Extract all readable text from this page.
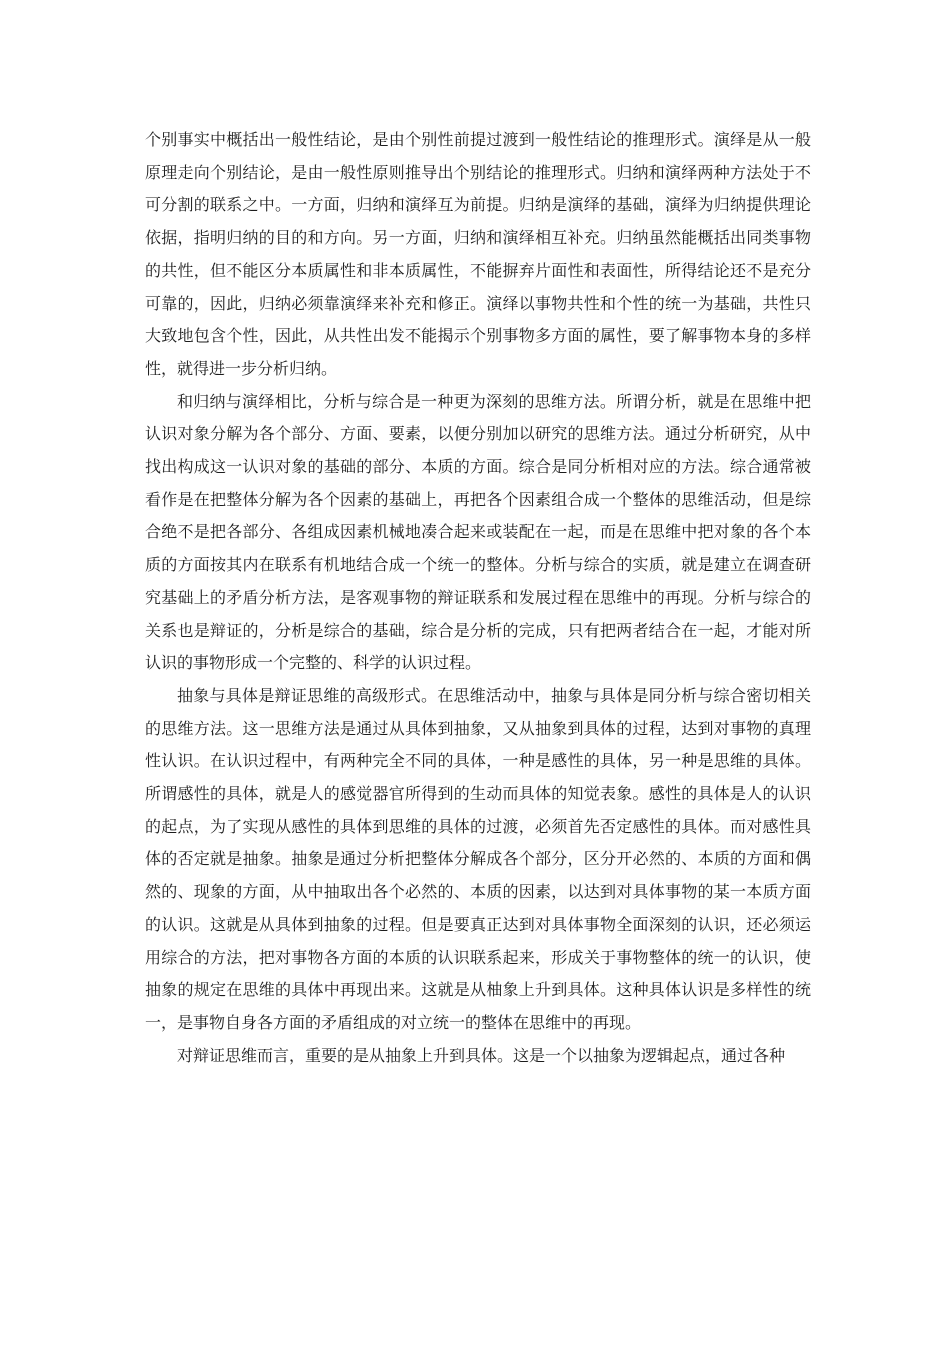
个别事实中概括出一般性结论，是由个别性前提过渡到一般性结论的推理形式。演绎是从一般原理走向个别结论，是由一般性原则推导出个别结论的推理形式。归纳和演绎两种方法处于不可分割的联系之中。一方面，归纳和演绎互为前提。归纳是演绎的基础，演绎为归纳提供理论依据，指明归纳的目的和方向。另一方面，归纳和演绎相互补充。归纳虽然能概括出同类事物的共性，但不能区分本质属性和非本质属性，不能摒弃片面性和表面性，所得结论还不是充分可靠的，因此，归纳必须靠演绎来补充和修正。演绎以事物共性和个性的统一为基础，共性只大致地包含个性，因此，从共性出发不能揭示个别事物多方面的属性，要了解事物本身的多样性，就得进一步分析归纳。

和归纳与演绎相比，分析与综合是一种更为深刻的思维方法。所谓分析，就是在思维中把认识对象分解为各个部分、方面、要素，以便分别加以研究的思维方法。通过分析研究，从中找出构成这一认识对象的基础的部分、本质的方面。综合是同分析相对应的方法。综合通常被看作是在把整体分解为各个因素的基础上，再把各个因素组合成一个整体的思维活动，但是综合绝不是把各部分、各组成因素机械地凑合起来或装配在一起，而是在思维中把对象的各个本质的方面按其内在联系有机地结合成一个统一的整体。分析与综合的实质，就是建立在调查研究基础上的矛盾分析方法，是客观事物的辩证联系和发展过程在思维中的再现。分析与综合的关系也是辩证的，分析是综合的基础，综合是分析的完成，只有把两者结合在一起，才能对所认识的事物形成一个完整的、科学的认识过程。

抽象与具体是辩证思维的高级形式。在思维活动中，抽象与具体是同分析与综合密切相关的思维方法。这一思维方法是通过从具体到抽象，又从抽象到具体的过程，达到对事物的真理性认识。在认识过程中，有两种完全不同的具体，一种是感性的具体，另一种是思维的具体。所谓感性的具体，就是人的感觉器官所得到的生动而具体的知觉表象。感性的具体是人的认识的起点，为了实现从感性的具体到思维的具体的过渡，必须首先否定感性的具体。而对感性具体的否定就是抽象。抽象是通过分析把整体分解成各个部分，区分开必然的、本质的方面和偶然的、现象的方面，从中抽取出各个必然的、本质的因素，以达到对具体事物的某一本质方面的认识。这就是从具体到抽象的过程。但是要真正达到对具体事物全面深刻的认识，还必须运用综合的方法，把对事物各方面的本质的认识联系起来，形成关于事物整体的统一的认识，使抽象的规定在思维的具体中再现出来。这就是从柚象上升到具体。这种具体认识是多样性的统一，是事物自身各方面的矛盾组成的对立统一的整体在思维中的再现。

对辩证思维而言，重要的是从抽象上升到具体。这是一个以抽象为逻辑起点，通过各种
